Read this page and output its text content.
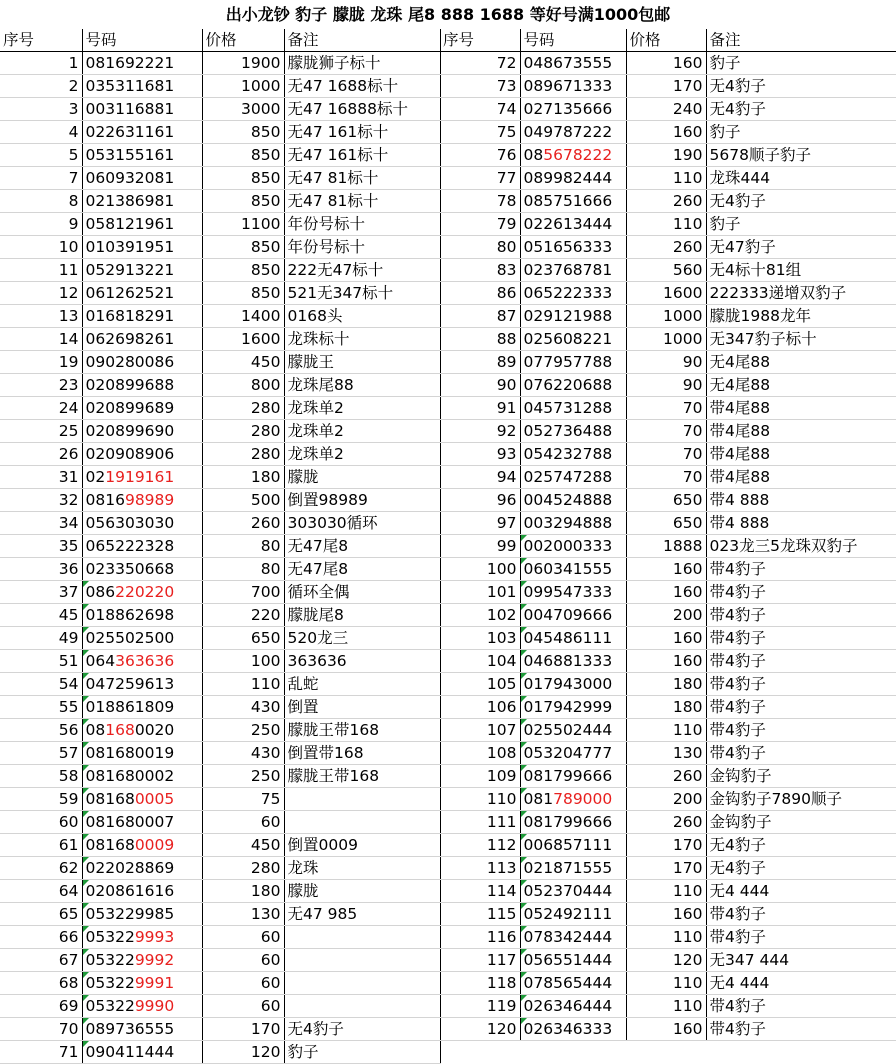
出小龙钞 豹子 朦胧 龙珠 尾8 888 1688 等好号满1000包邮
序号	号码	价格	备注
1	081692221	1900	朦胧狮子标十
2	035311681	1000	无47 1688标十
3	003116881	3000	无47 16888标十
4	022631161	850	无47 161标十
5	053155161	850	无47 161标十
7	060932081	850	无47 81标十
8	021386981	850	无47 81标十
9	058121961	1100	年份号标十
10	010391951	850	年份号标十
11	052913221	850	222无47标十
12	061262521	850	521无347标十
13	016818291	1400	0168头
14	062698261	1600	龙珠标十
19	090280086	450	朦胧王
23	020899688	800	龙珠尾88
24	020899689	280	龙珠单2
25	020899690	280	龙珠单2
26	020908906	280	龙珠单2
31	021919161	180	朦胧
32	081698989	500	倒置98989
34	056303030	260	303030循环
35	065222328	80	无47尾8
36	023350668	80	无47尾8
37	086220220	700	循环全偶
45	018862698	220	朦胧尾8
49	025502500	650	520龙三
51	064363636	100	363636
54	047259613	110	乱蛇
55	018861809	430	倒置
56	081680020	250	朦胧王带168
57	081680019	430	倒置带168
58	081680002	250	朦胧王带168
59	081680005	75	
60	081680007	60	
61	081680009	450	倒置0009
62	022028869	280	龙珠
64	020861616	180	朦胧
65	053229985	130	无47 985
66	053229993	60	
67	053229992	60	
68	053229991	60	
69	053229990	60	
70	089736555	170	无4豹子
71	090411444	120	豹子
序号	号码	价格	备注
72	048673555	160	豹子
73	089671333	170	无4豹子
74	027135666	240	无4豹子
75	049787222	160	豹子
76	085678222	190	5678顺子豹子
77	089982444	110	龙珠444
78	085751666	260	无4豹子
79	022613444	110	豹子
80	051656333	260	无47豹子
83	023768781	560	无4标十81组
86	065222333	1600	222333递增双豹子
87	029121988	1000	朦胧1988龙年
88	025608221	1000	无347豹子标十
89	077957788	90	无4尾88
90	076220688	90	无4尾88
91	045731288	70	带4尾88
92	052736488	70	带4尾88
93	054232788	70	带4尾88
94	025747288	70	带4尾88
96	004524888	650	带4 888
97	003294888	650	带4 888
99	002000333	1888	023龙三5龙珠双豹子
100	060341555	160	带4豹子
101	099547333	160	带4豹子
102	004709666	200	带4豹子
103	045486111	160	带4豹子
104	046881333	160	带4豹子
105	017943000	180	带4豹子
106	017942999	180	带4豹子
107	025502444	110	带4豹子
108	053204777	130	带4豹子
109	081799666	260	金钩豹子
110	081789000	200	金钩豹子7890顺子
111	081799666	260	金钩豹子
112	006857111	170	无4豹子
113	021871555	170	无4豹子
114	052370444	110	无4 444
115	052492111	160	带4豹子
116	078342444	110	带4豹子
117	056551444	120	无347 444
118	078565444	110	无4 444
119	026346444	110	带4豹子
120	026346333	160	带4豹子
